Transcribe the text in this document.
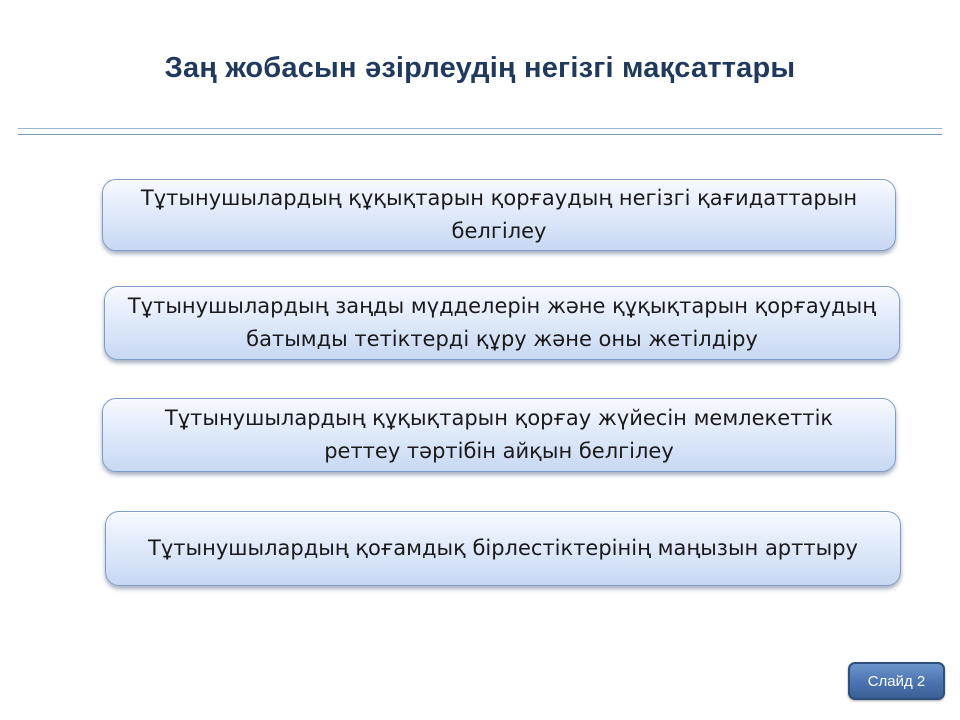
Заң жобасын әзірлеудің негізгі мақсаттары
Тұтынушылардың құқықтарын қорғаудың негізгі қағидаттарын белгілеу
Тұтынушылардың заңды мүдделерін және құқықтарын қорғаудың батымды тетіктерді құру және оны жетілдіру
Тұтынушылардың құқықтарын қорғау жүйесін мемлекеттік реттеу тәртібін айқын белгілеу
Тұтынушылардың қоғамдық бірлестіктерінің маңызын арттыру
Слайд 2
